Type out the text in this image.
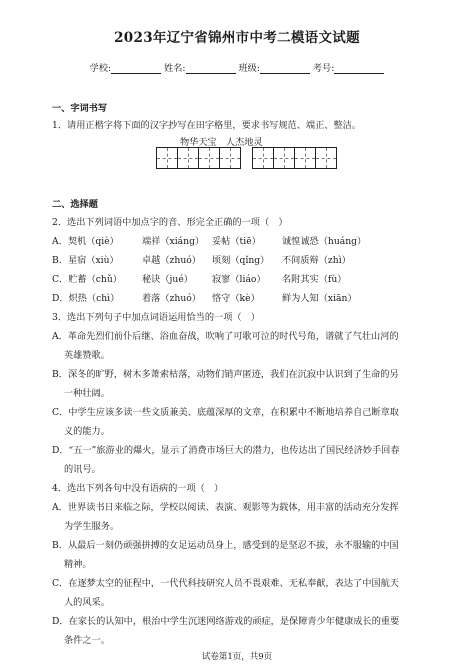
2023年辽宁省锦州市中考二模语文试题
学校:	姓名:	班级:	考号:
一、字词书写
1．请用正楷字将下面的汉字抄写在田字格里，要求书写规范、端正、整洁。
物华天宝　人杰地灵
二、选择题
2．选出下列词语中加点字的音、形完全正确的一项（　）
A．契机（qiè）	端祥（xiáng） 妥帖（tiē） 诚惶诚恐（huáng）
B．星宿（xiù）	卓越（zhuó） 顷刻（qǐng） 不间质辩（zhì）
C．贮蓄（chǔ） 秘诀（jué） 寂寥（liáo） 名附其实（fù）
D．炽热（chì） 着落（zhuó） 恪守（kè） 鲜为人知（xiān）
3．选出下列句子中加点词语运用恰当的一项（　）
A．革命先烈们前仆后继、浴血奋战，吹响了可歌可泣的时代号角，谱就了气壮山河的
英雄赞歌。
B．深冬的旷野，树木多萧索枯落，动物们销声匿迹，我们在沉寂中认识到了生命的另
一种壮阔。
C．中学生应该多读一些文质兼美、底蕴深厚的文章，在积累中不断地培养自己断章取
义的能力。
D．“五一”旅游业的爆火，显示了消费市场巨大的潜力，也传达出了国民经济妙手回春
的讯号。
4．选出下列各句中没有语病的一项（　）
A．世界读书日来临之际，学校以阅读、表演、观影等为载体，用丰富的活动充分发挥
为学生服务。
B．从最后一刻仍顽强拼搏的女足运动员身上，感受到的是坚忍不拔，永不服输的中国
精神。
C．在逐梦太空的征程中，一代代科技研究人员不畏艰难、无私奉献，表达了中国航天
人的风采。
D．在家长的认知中，根治中学生沉迷网络游戏的顽症，是保障青少年健康成长的重要
条件之一。
试卷第1页，共9页
